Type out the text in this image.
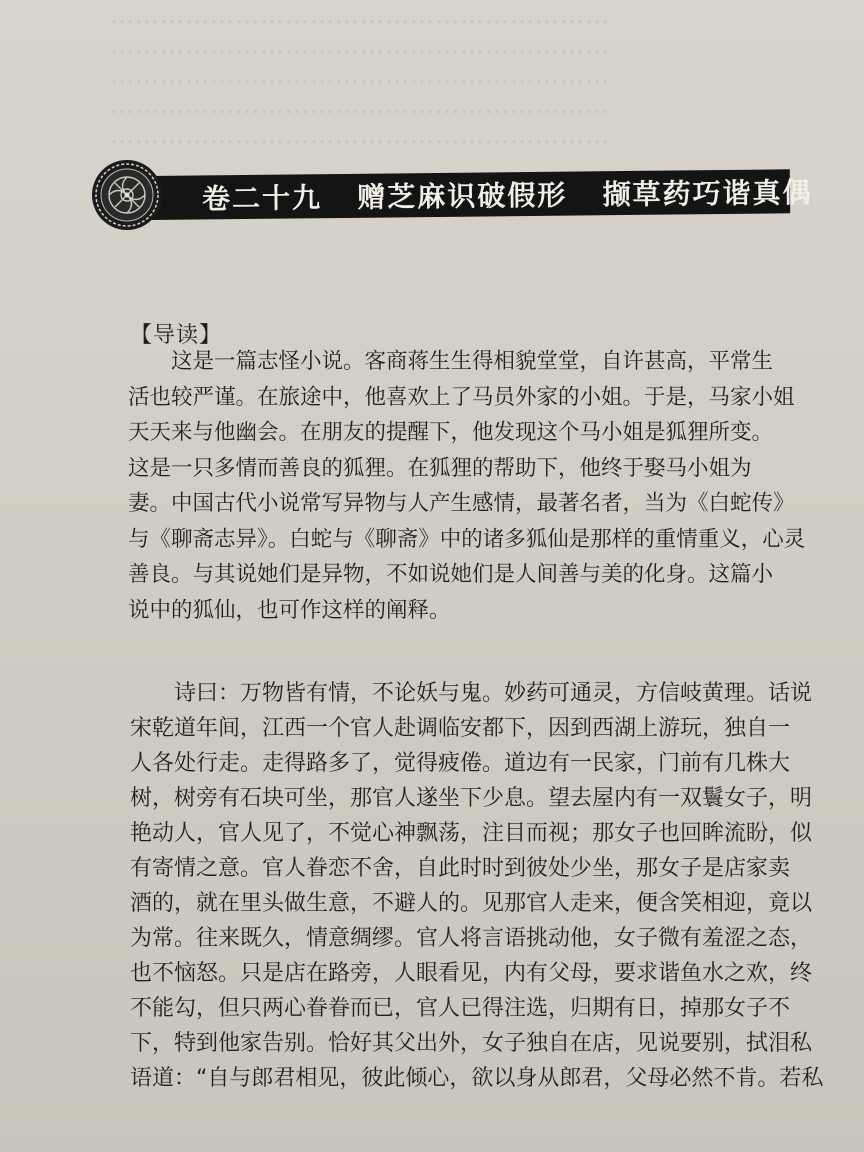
……………………………………………………
……………………………………………………
……………………………………………………
……………………………………………………
……………………………………………………
卷二十九   赠芝麻识破假形   撷草药巧谐真偶
【导读】
　　这是一篇志怪小说。客商蒋生生得相貌堂堂，自许甚高，平常生
活也较严谨。在旅途中，他喜欢上了马员外家的小姐。于是，马家小姐
天天来与他幽会。在朋友的提醒下，他发现这个马小姐是狐狸所变。
这是一只多情而善良的狐狸。在狐狸的帮助下，他终于娶马小姐为
妻。中国古代小说常写异物与人产生感情，最著名者，当为《白蛇传》
与《聊斋志异》。白蛇与《聊斋》中的诸多狐仙是那样的重情重义，心灵
善良。与其说她们是异物，不如说她们是人间善与美的化身。这篇小
说中的狐仙，也可作这样的阐释。
　　诗曰：万物皆有情，不论妖与鬼。妙药可通灵，方信岐黄理。话说
宋乾道年间，江西一个官人赴调临安都下，因到西湖上游玩，独自一
人各处行走。走得路多了，觉得疲倦。道边有一民家，门前有几株大
树，树旁有石块可坐，那官人遂坐下少息。望去屋内有一双鬟女子，明
艳动人，官人见了，不觉心神飘荡，注目而视；那女子也回眸流盼，似
有寄情之意。官人眷恋不舍，自此时时到彼处少坐，那女子是店家卖
酒的，就在里头做生意，不避人的。见那官人走来，便含笑相迎，竟以
为常。往来既久，情意绸缪。官人将言语挑动他，女子微有羞涩之态，
也不恼怒。只是店在路旁，人眼看见，内有父母，要求谐鱼水之欢，终
不能勾，但只两心眷眷而已，官人已得注选，归期有日，掉那女子不
下，特到他家告别。恰好其父出外，女子独自在店，见说要别，拭泪私
语道：“自与郎君相见，彼此倾心，欲以身从郎君，父母必然不肯。若私
